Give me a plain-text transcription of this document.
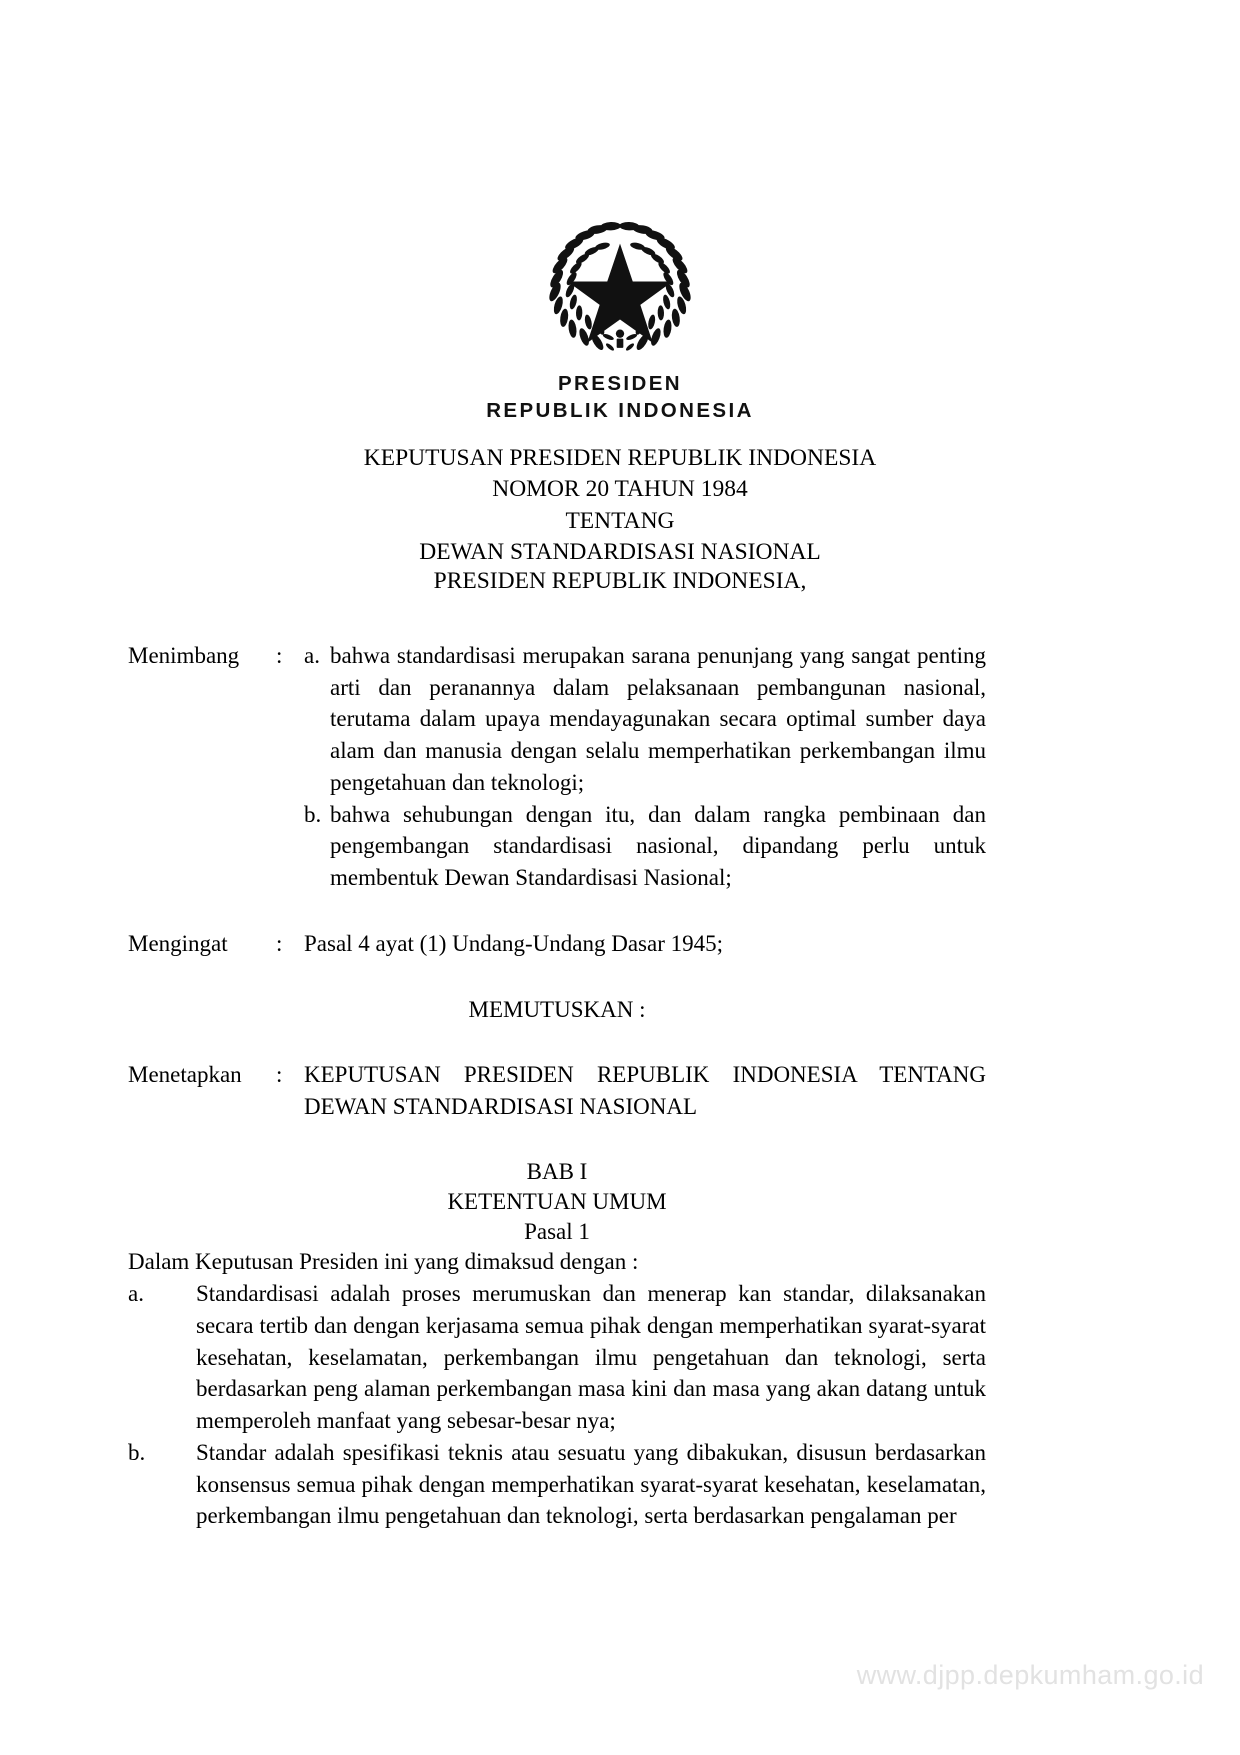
PRESIDEN
REPUBLIK INDONESIA
KEPUTUSAN PRESIDEN REPUBLIK INDONESIA
NOMOR 20 TAHUN 1984
TENTANG
DEWAN STANDARDISASI NASIONAL
PRESIDEN REPUBLIK INDONESIA,
Menimbang	: a. bahwa standardisasi merupakan sarana penunjang yang sangat penting arti dan peranannya dalam pelaksanaan pembangunan nasional, terutama dalam upaya mendayagunakan secara optimal sumber daya alam dan manusia dengan selalu memperhatikan perkembangan ilmu pengetahuan dan teknologi;
b. bahwa sehubungan dengan itu, dan dalam rangka pembinaan dan pengembangan standardisasi nasional, dipandang perlu untuk membentuk Dewan Standardisasi Nasional;
Mengingat	: Pasal 4 ayat (1) Undang-Undang Dasar 1945;
MEMUTUSKAN :
Menetapkan	: KEPUTUSAN PRESIDEN REPUBLIK INDONESIA TENTANG DEWAN STANDARDISASI NASIONAL
BAB I
KETENTUAN UMUM
Pasal 1
Dalam Keputusan Presiden ini yang dimaksud dengan :
a.	Standardisasi adalah proses merumuskan dan menerap kan standar, dilaksanakan secara tertib dan dengan kerjasama semua pihak dengan memperhatikan syarat-syarat kesehatan, keselamatan, perkembangan ilmu pengetahuan dan teknologi, serta berdasarkan peng alaman perkembangan masa kini dan masa yang akan datang untuk memperoleh manfaat yang sebesar-besar nya;
b.	Standar adalah spesifikasi teknis atau sesuatu yang dibakukan, disusun berdasarkan konsensus semua pihak dengan memperhatikan syarat-syarat kesehatan, keselamatan, perkembangan ilmu pengetahuan dan teknologi, serta berdasarkan pengalaman per
www.djpp.depkumham.go.id
